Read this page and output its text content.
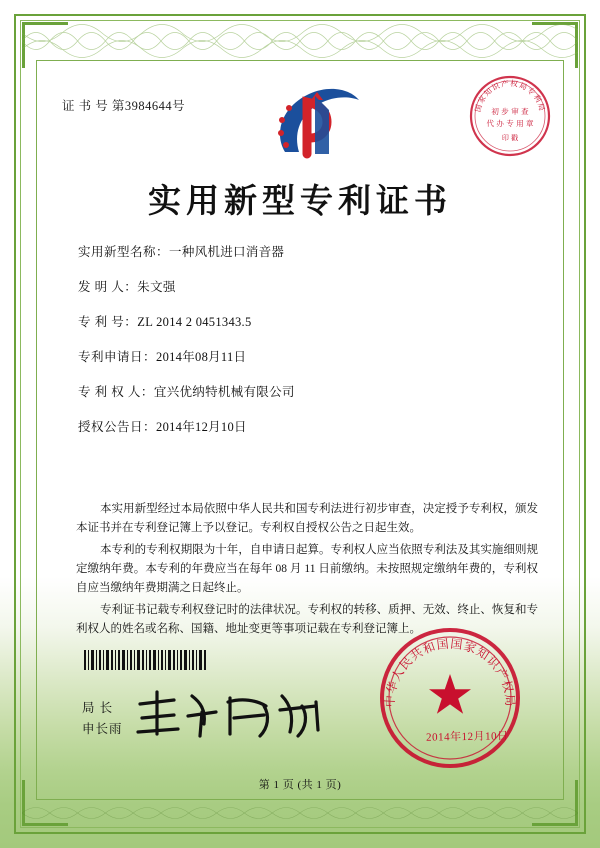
证 书 号 第3984644号	国家知识产权局专利局
初 步 审 查
代 办 专 用 章
印 戳
实用新型专利证书
实用新型名称：一种风机进口消音器
发 明 人：朱文强
专 利 号：ZL 2014 2 0451343.5
专利申请日：2014年08月11日
专 利 权 人：宜兴优纳特机械有限公司
授权公告日：2014年12月10日

本实用新型经过本局依照中华人民共和国专利法进行初步审查，决定授予专利权，颁发本证书并在专利登记簿上予以登记。专利权自授权公告之日起生效。

本专利的专利权期限为十年，自申请日起算。专利权人应当依照专利法及其实施细则规定缴纳年费。本专利的年费应当在每年 08 月 11 日前缴纳。未按照规定缴纳年费的，专利权自应当缴纳年费期满之日起终止。

专利证书记载专利权登记时的法律状况。专利权的转移、质押、无效、终止、恢复和专利权人的姓名或名称、国籍、地址变更等事项记载在专利登记簿上。

局 长
申长雨
中华人民共和国国家知识产权局
2014年12月10日
第 1 页 (共 1 页)
